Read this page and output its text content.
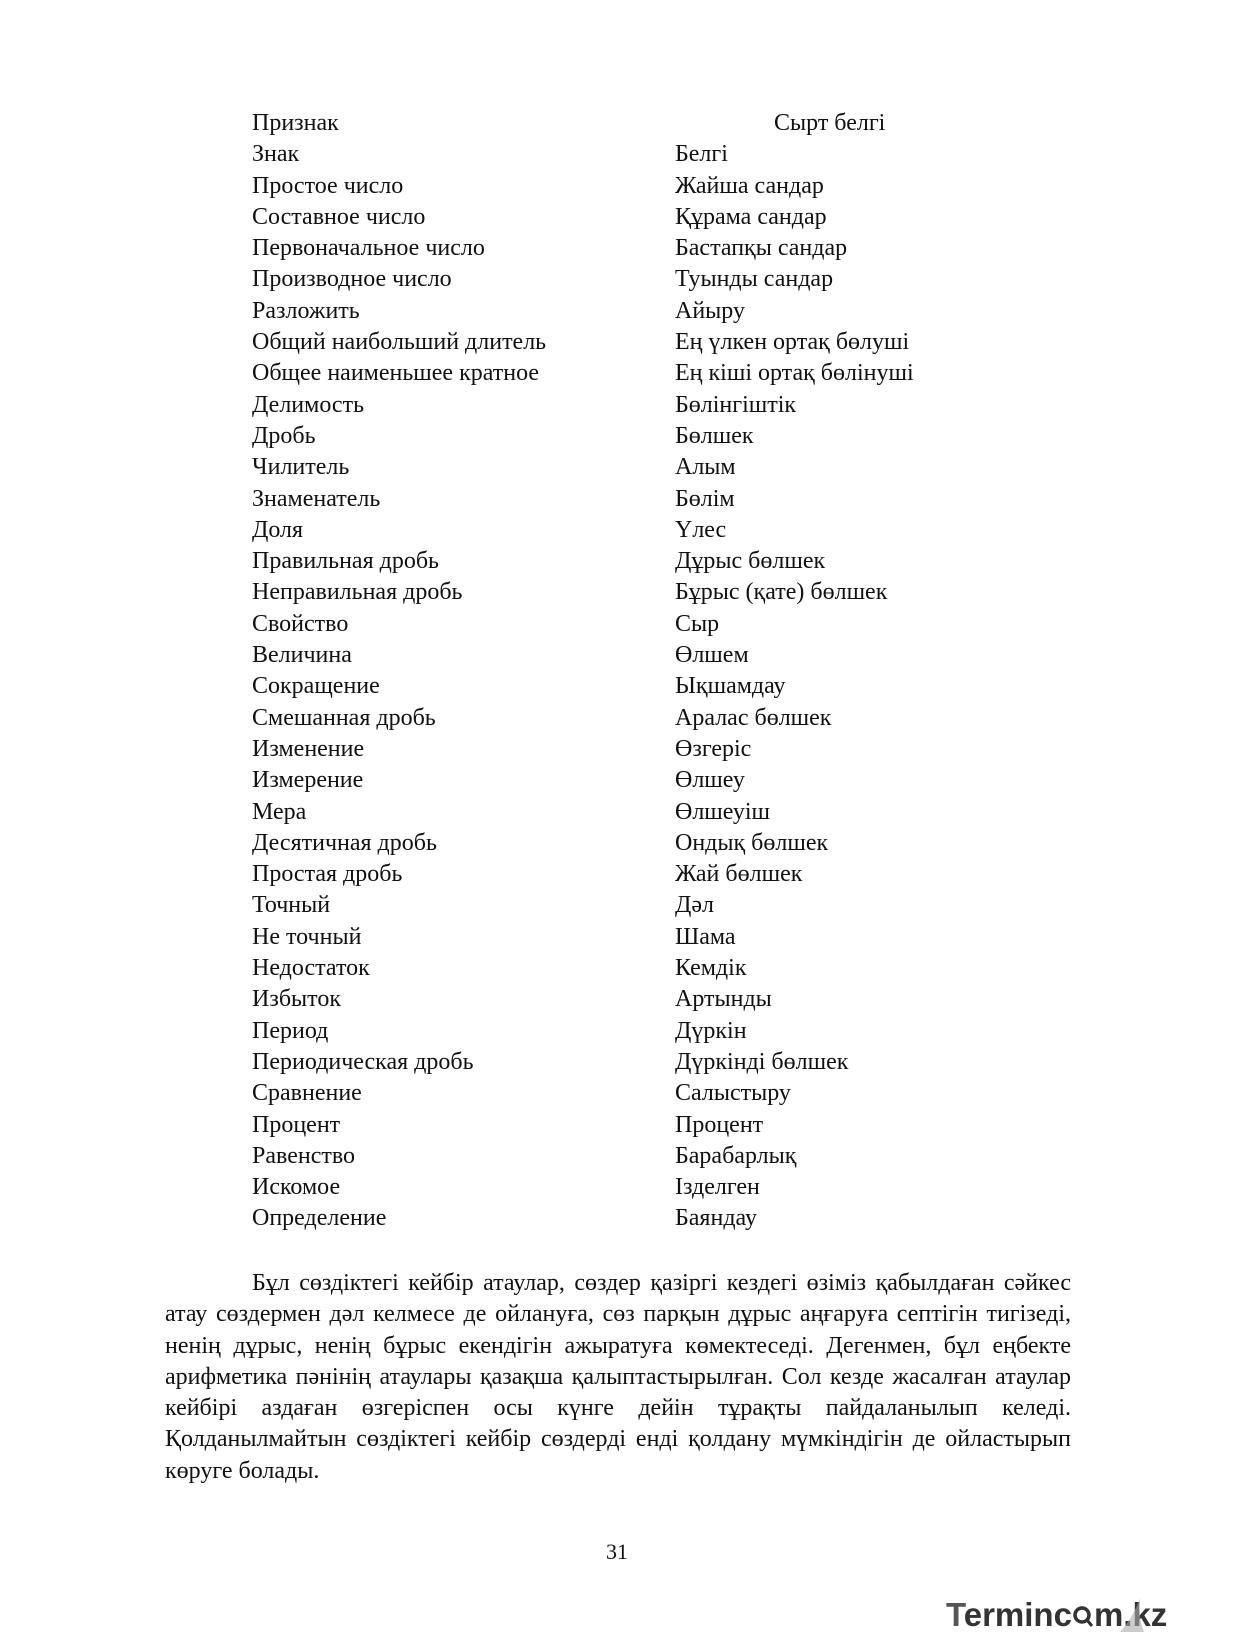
Признак	Сырт белгі
Знак	Белгі
Простое число	Жайша сандар
Составное число	Құрама сандар
Первоначальное число	Бастапқы сандар
Производное число	Туынды сандар
Разложить	Айыру
Общий наибольший длитель	Ең үлкен ортақ бөлуші
Общее наименьшее кратное	Ең кіші ортақ бөлінуші
Делимость	Бөлінгіштік
Дробь	Бөлшек
Чилитель	Алым
Знаменатель	Бөлім
Доля	Үлес
Правильная дробь	Дұрыс бөлшек
Неправильная дробь	Бұрыс (қате) бөлшек
Свойство	Сыр
Величина	Өлшем
Сокращение	Ықшамдау
Смешанная дробь	Аралас бөлшек
Изменение	Өзгеріс
Измерение	Өлшеу
Мера	Өлшеуіш
Десятичная дробь	Ондық бөлшек
Простая дробь	Жай бөлшек
Точный	Дәл
Не точный	Шама
Недостаток	Кемдік
Избыток	Артынды
Период	Дүркін
Периодическая дробь	Дүркінді бөлшек
Сравнение	Салыстыру
Процент	Процент
Равенство	Барабарлық
Искомое	Ізделген
Определение	Баяндау

Бұл сөздіктегі кейбір атаулар, сөздер қазіргі кездегі өзіміз қабылдаған сәйкес атау сөздермен дәл келмесе де ойлануға, сөз парқын дұрыс аңғаруға септігін тигізеді, ненің дұрыс, ненің бұрыс екендігін ажыратуға көмектеседі. Дегенмен, бұл еңбекте арифметика пәнінің атаулары қазақша қалыптастырылған. Сол кезде жасалған атаулар кейбірі аздаған өзгеріспен осы күнге дейін тұрақты пайдаланылып келеді. Қолданылмайтын сөздіктегі кейбір сөздерді енді қолдану мүмкіндігін де ойластырып көруге болады.

31
Terminc m.kz
